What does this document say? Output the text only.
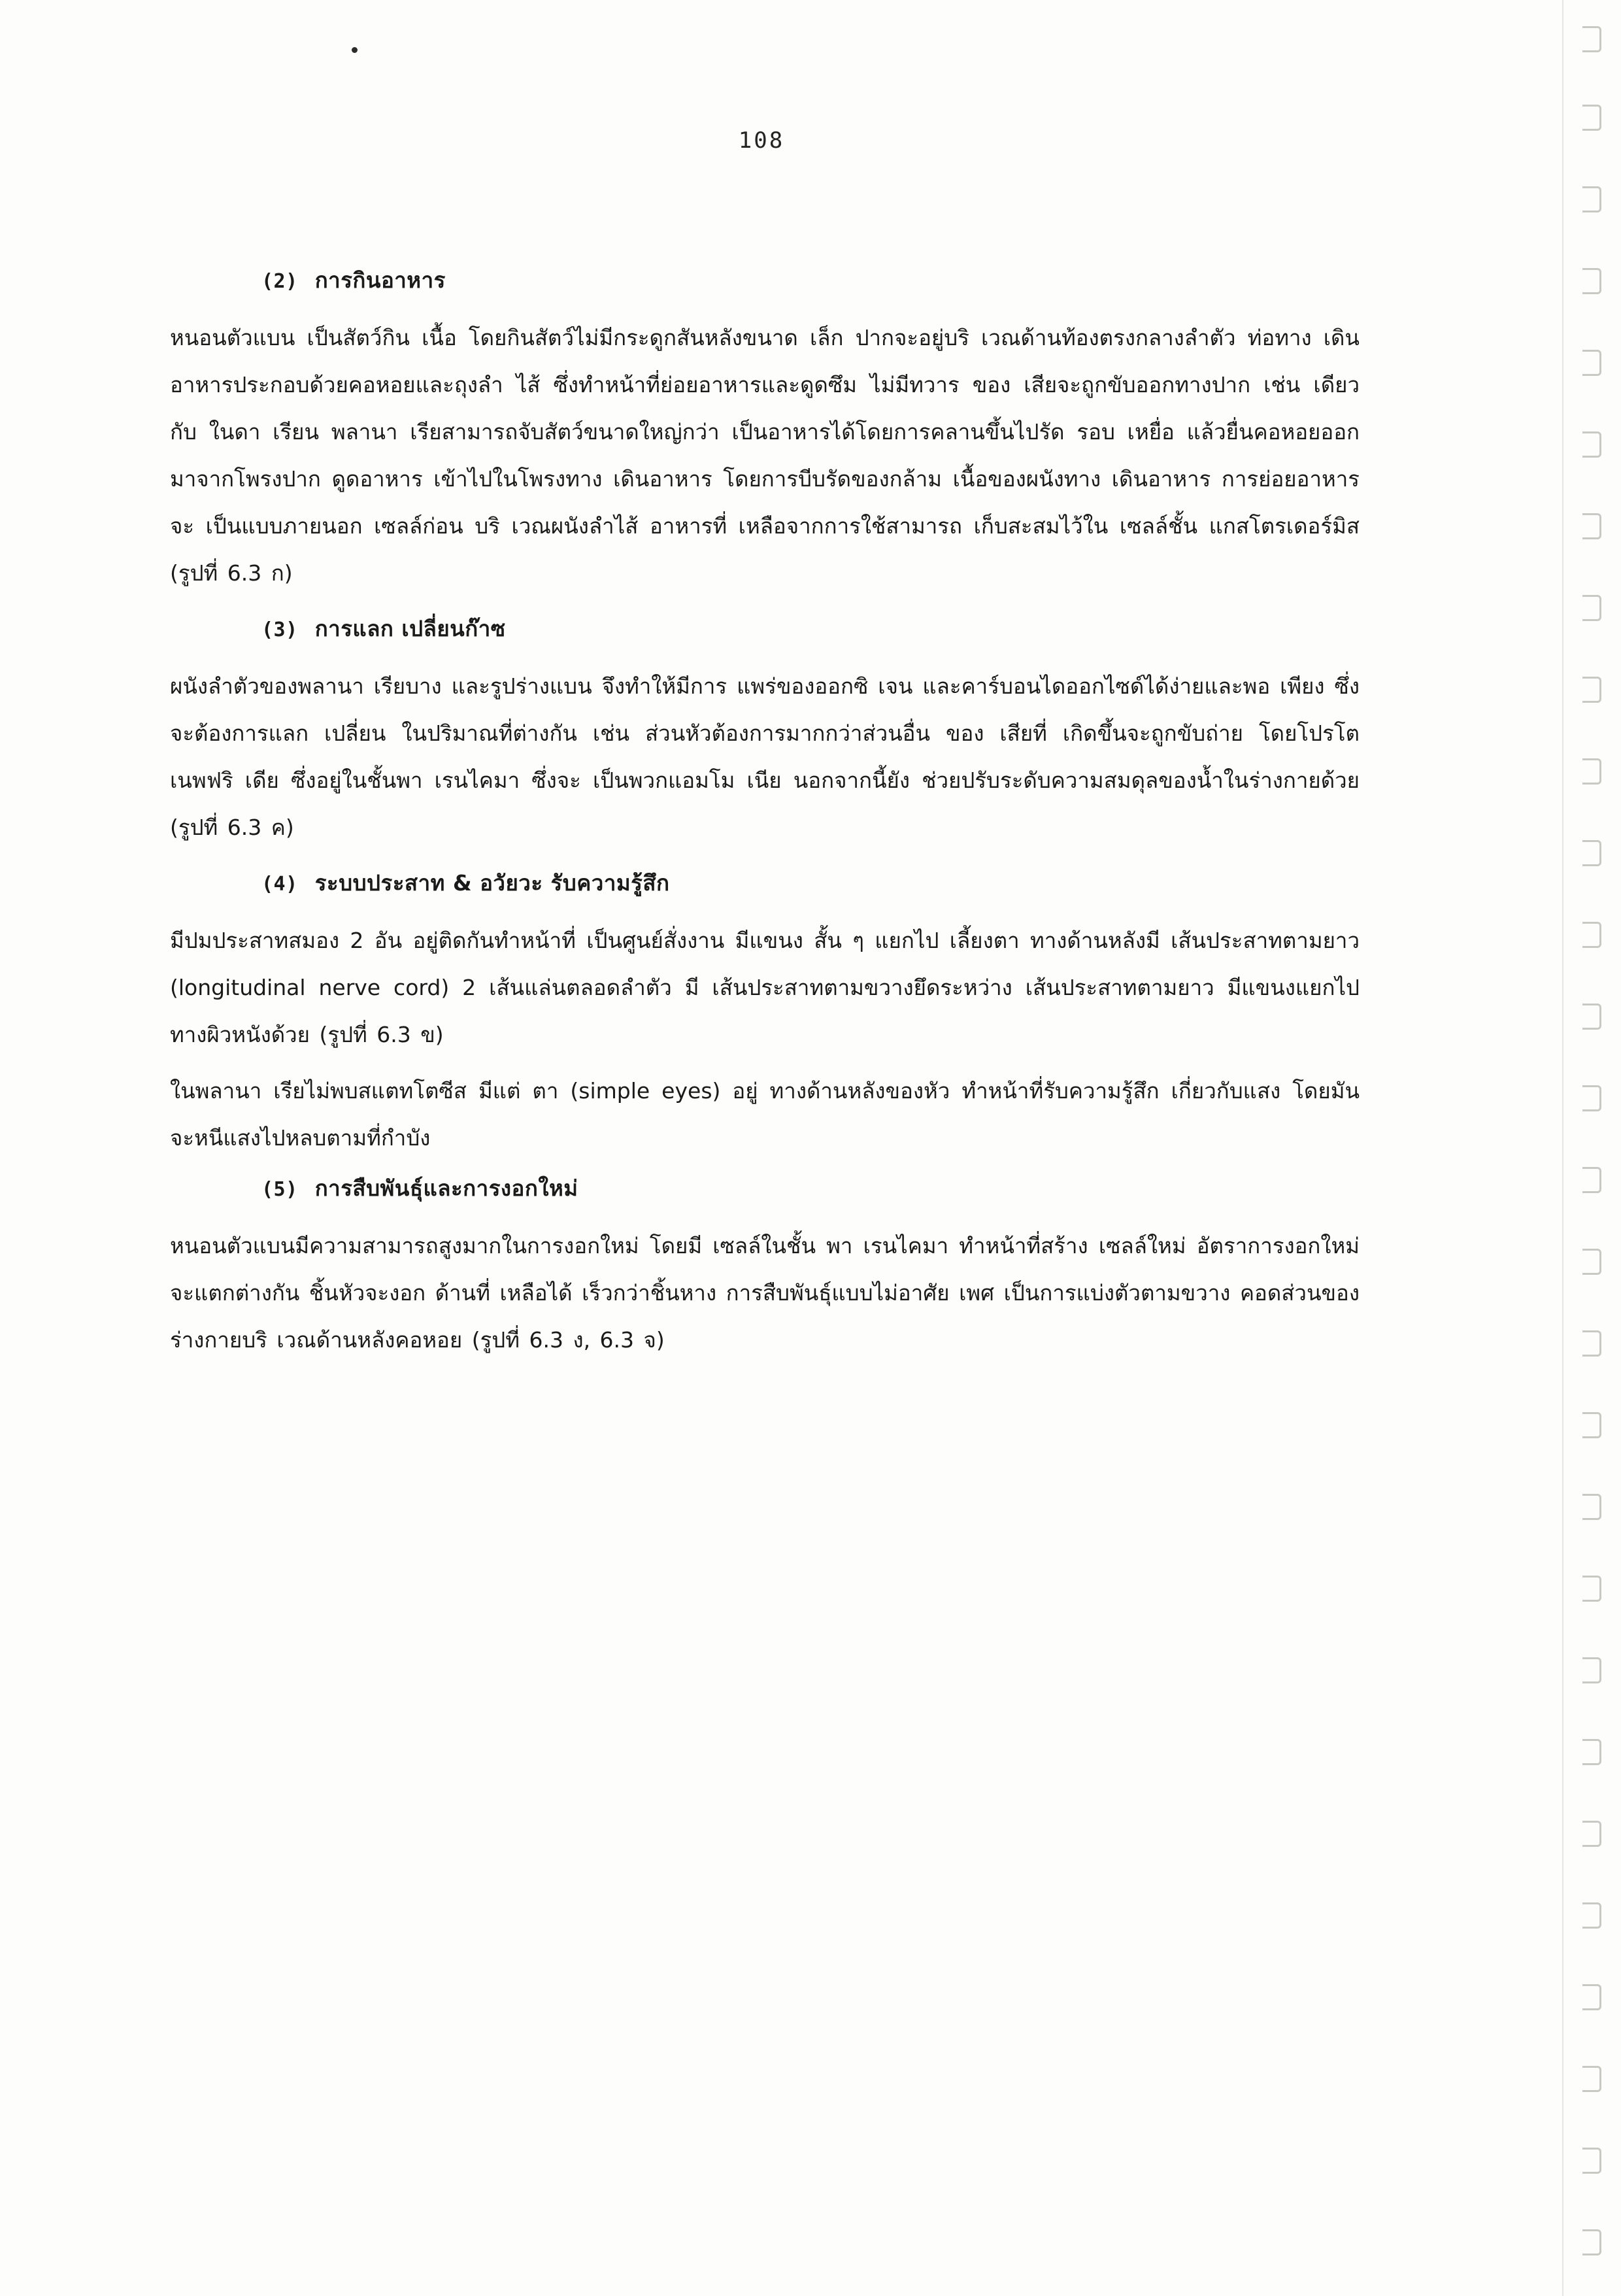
108

(2) การกินอาหาร

หนอนตัวแบน เป็นสัตว์กิน เนื้อ โดยกินสัตว์ไม่มีกระดูกสันหลังขนาด เล็ก ปากจะอยู่บริ เวณด้านท้องตรงกลางลำตัว ท่อทาง เดินอาหารประกอบด้วยคอหอยและถุงลำ ไส้ ซึ่งทำหน้าที่ย่อยอาหารและดูดซึม ไม่มีทวาร ของ เสียจะถูกขับออกทางปาก เช่น เดียวกับ ในดา เรียน พลานา เรียสามารถจับสัตว์ขนาดใหญ่กว่า เป็นอาหารได้โดยการคลานขึ้นไปรัด รอบ เหยื่อ แล้วยื่นคอหอยออกมาจากโพรงปาก ดูดอาหาร เข้าไปในโพรงทาง เดินอาหาร โดยการบีบรัดของกล้าม เนื้อของผนังทาง เดินอาหาร การย่อยอาหารจะ เป็นแบบภายนอก เซลล์ก่อน บริ เวณผนังลำไส้ อาหารที่ เหลือจากการใช้สามารถ เก็บสะสมไว้ใน เซลล์ชั้น แกสโตรเดอร์มิส (รูปที่ 6.3 ก)

(3) การแลก เปลี่ยนก๊าซ

ผนังลำตัวของพลานา เรียบาง และรูปร่างแบน จึงทำให้มีการ แพร่ของออกซิ เจน และคาร์บอนไดออกไซด์ได้ง่ายและพอ เพียง ซึ่งจะต้องการแลก เปลี่ยน ในปริมาณที่ต่างกัน เช่น ส่วนหัวต้องการมากกว่าส่วนอื่น ของ เสียที่ เกิดขึ้นจะถูกขับถ่าย โดยโปรโต เนพฟริ เดีย ซึ่งอยู่ในชั้นพา เรนไคมา ซึ่งจะ เป็นพวกแอมโม เนีย นอกจากนี้ยัง ช่วยปรับระดับความสมดุลของน้ำในร่างกายด้วย (รูปที่ 6.3 ค)

(4) ระบบประสาท & อวัยวะ รับความรู้สึก

มีปมประสาทสมอง 2 อัน อยู่ติดกันทำหน้าที่ เป็นศูนย์สั่งงาน มีแขนง สั้น ๆ แยกไป เลี้ยงตา ทางด้านหลังมี เส้นประสาทตามยาว (longitudinal nerve cord) 2 เส้นแล่นตลอดลำตัว มี เส้นประสาทตามขวางยึดระหว่าง เส้นประสาทตามยาว มีแขนงแยกไป ทางผิวหนังด้วย (รูปที่ 6.3 ข)

ในพลานา เรียไม่พบสแตทโตซีส มีแต่ ตา (simple eyes) อยู่ ทางด้านหลังของหัว ทำหน้าที่รับความรู้สึก เกี่ยวกับแสง โดยมันจะหนีแสงไปหลบตามที่กำบัง

(5) การสืบพันธุ์และการงอกใหม่

หนอนตัวแบนมีความสามารถสูงมากในการงอกใหม่ โดยมี เซลล์ในชั้น พา เรนไคมา ทำหน้าที่สร้าง เซลล์ใหม่ อัตราการงอกใหม่จะแตกต่างกัน ชิ้นหัวจะงอก ด้านที่ เหลือได้ เร็วกว่าชิ้นหาง การสืบพันธุ์แบบไม่อาศัย เพศ เป็นการแบ่งตัวตามขวาง คอดส่วนของร่างกายบริ เวณด้านหลังคอหอย (รูปที่ 6.3 ง, 6.3 จ)
